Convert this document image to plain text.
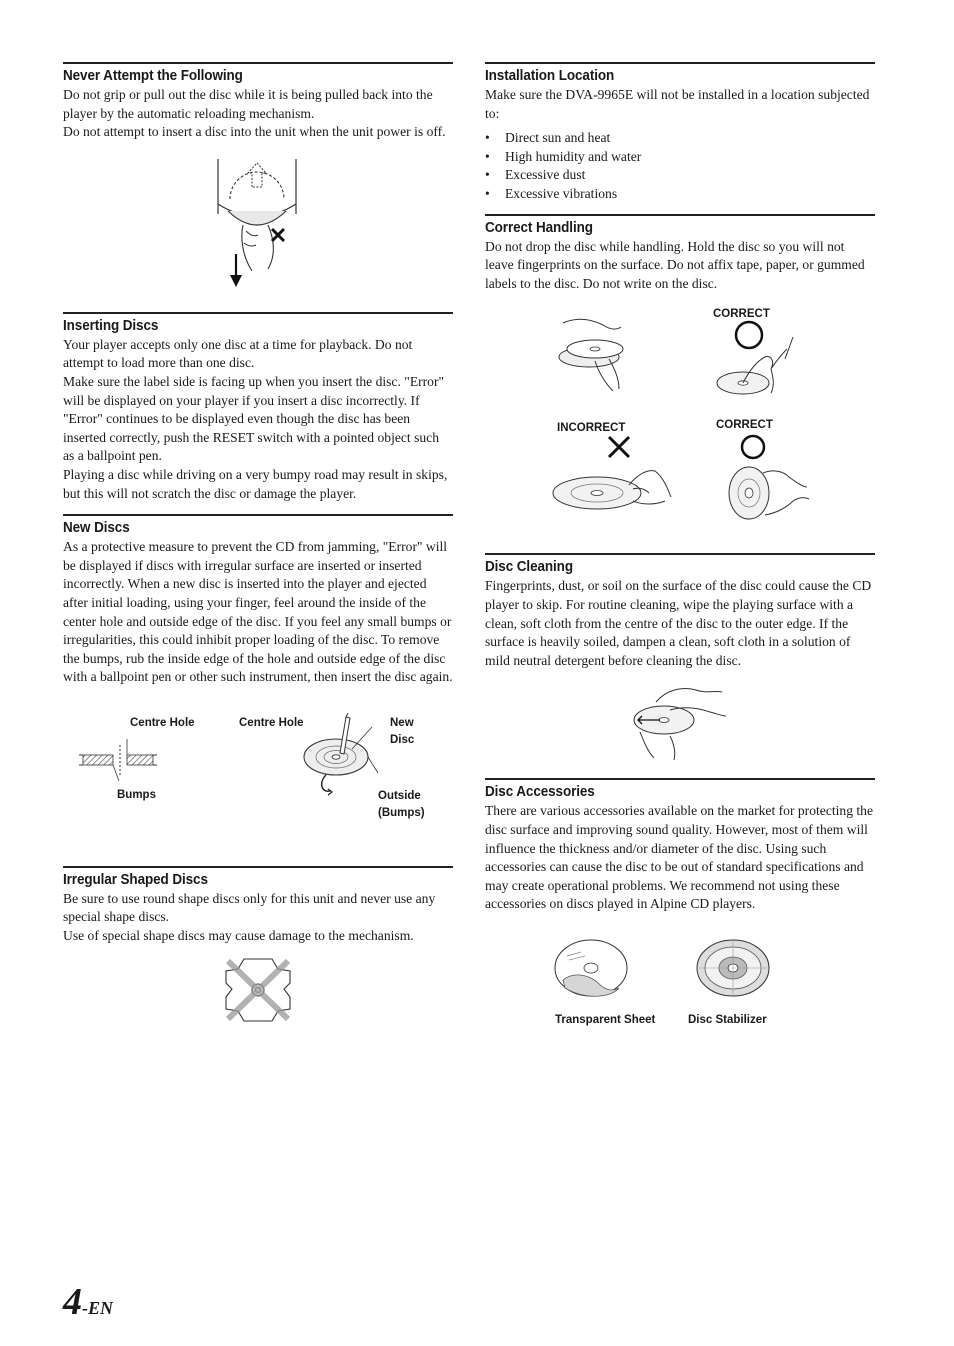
Never Attempt the Following

Do not grip or pull out the disc while it is being pulled back into the player by the automatic reloading mechanism.

Do not attempt to insert a disc into the unit when the unit power is off.

Inserting Discs

Your player accepts only one disc at a time for playback. Do not attempt to load more than one disc.

Make sure the label side is facing up when you insert the disc. "Error" will be displayed on your player if you insert a disc incorrectly. If "Error" continues to be displayed even though the disc has been inserted correctly, push the RESET switch with a pointed object such as a ballpoint pen.

Playing a disc while driving on a very bumpy road may result in skips, but this will not scratch the disc or damage the player.

New Discs

As a protective measure to prevent the CD from jamming, "Error" will be displayed if discs with irregular surface are inserted or inserted incorrectly. When a new disc is inserted into the player and ejected after initial loading, using your finger, feel around the inside of the center hole and outside edge of the disc. If you feel any small bumps or irregularities, this could inhibit proper loading of the disc. To remove the bumps, rub the inside edge of the hole and outside edge of the disc with a ballpoint pen or other such instrument, then insert the disc again.

Centre Hole
Bumps
Centre Hole	New
Disc
Outside
(Bumps)
Irregular Shaped Discs

Be sure to use round shape discs only for this unit and never use any special shape discs.

Use of special shape discs may cause damage to the mechanism.

Installation Location

Make sure the DVA-9965E will not be installed in a location subjected to:

• Direct sun and heat
• High humidity and water
• Excessive dust
• Excessive vibrations
Correct Handling

Do not drop the disc while handling. Hold the disc so you will not leave fingerprints on the surface. Do not affix tape, paper, or gummed labels to the disc. Do not write on the disc.

CORRECT
INCORRECT	CORRECT
Disc Cleaning

Fingerprints, dust, or soil on the surface of the disc could cause the CD player to skip. For routine cleaning, wipe the playing surface with a clean, soft cloth from the centre of the disc to the outer edge. If the surface is heavily soiled, dampen a clean, soft cloth in a solution of mild neutral detergent before cleaning the disc.

Disc Accessories

There are various accessories available on the market for protecting the disc surface and improving sound quality. However, most of them will influence the thickness and/or diameter of the disc. Using such accessories can cause the disc to be out of standard specifications and may create operational problems. We recommend not using these accessories on discs played in Alpine CD players.

Transparent Sheet	Disc Stabilizer
4-EN
